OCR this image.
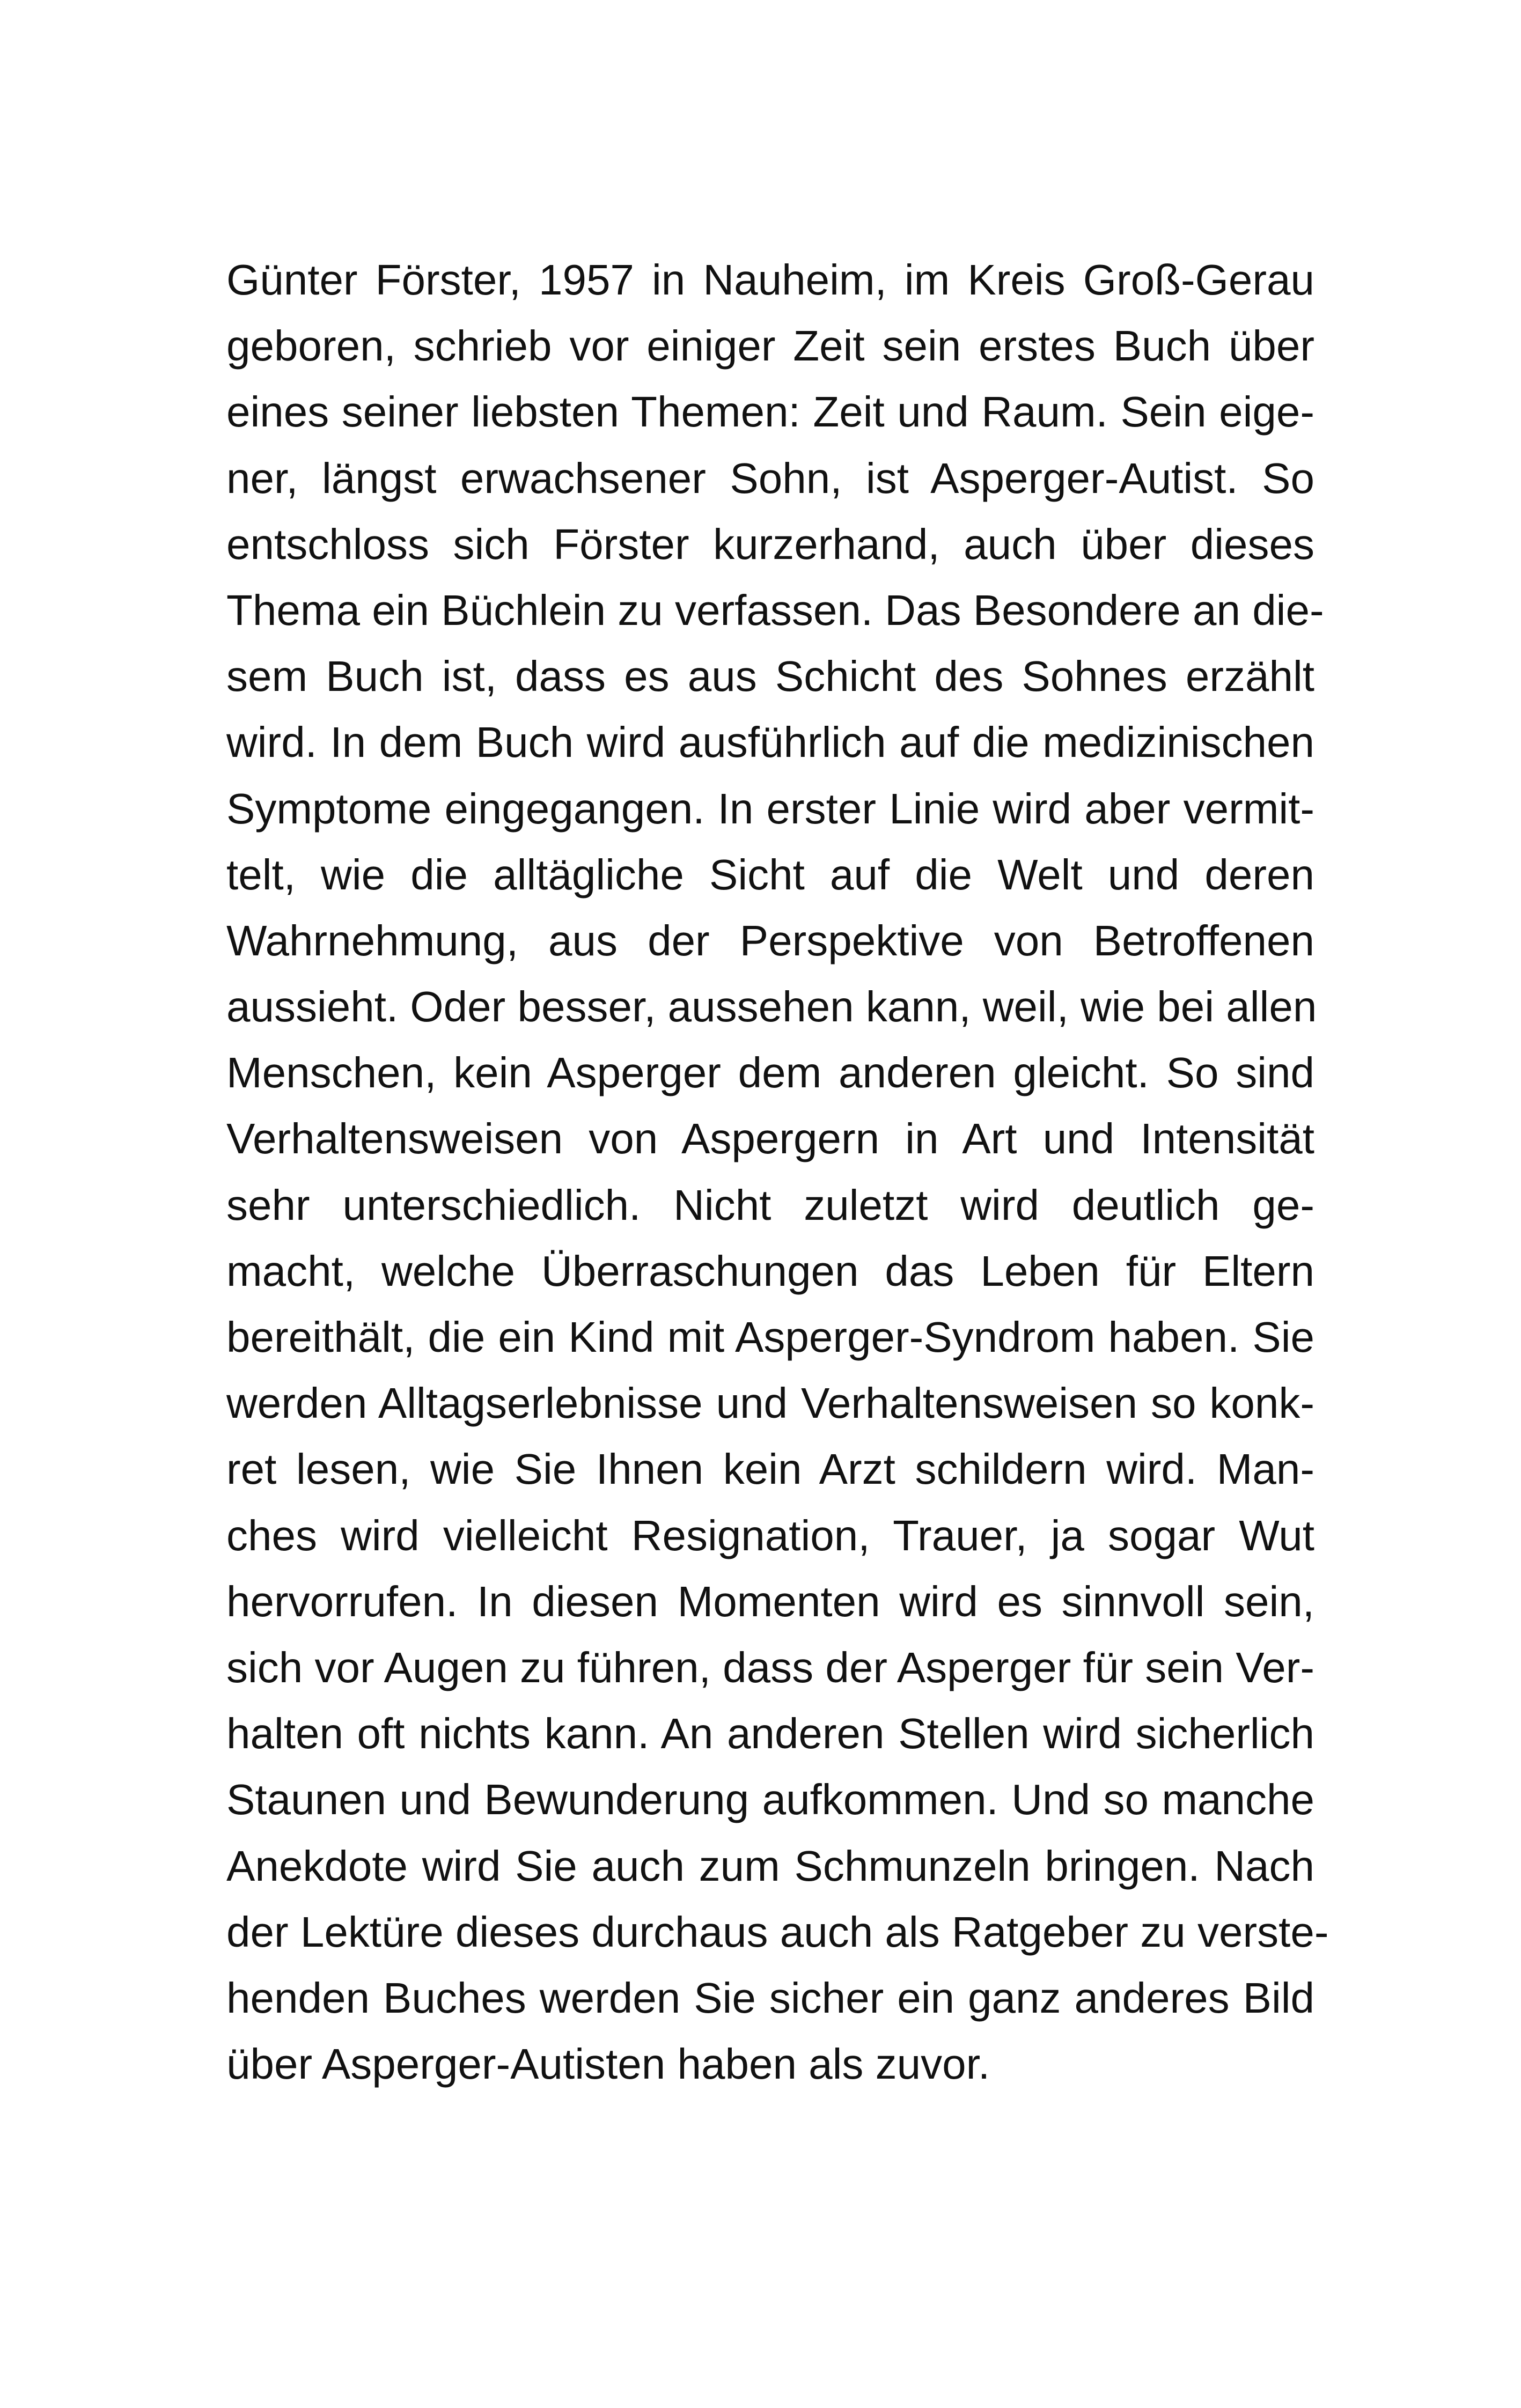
Günter Förster, 1957 in Nauheim, im Kreis Groß-Gerau
geboren, schrieb vor einiger Zeit sein erstes Buch über
eines seiner liebsten Themen: Zeit und Raum. Sein eige-
ner, längst erwachsener Sohn, ist Asperger-Autist. So
entschloss sich Förster kurzerhand, auch über dieses
Thema ein Büchlein zu verfassen. Das Besondere an die-
sem Buch ist, dass es aus Schicht des Sohnes erzählt
wird. In dem Buch wird ausführlich auf die medizinischen
Symptome eingegangen. In erster Linie wird aber vermit-
telt, wie die alltägliche Sicht auf die Welt und deren
Wahrnehmung, aus der Perspektive von Betroffenen
aussieht. Oder besser, aussehen kann, weil, wie bei allen
Menschen, kein Asperger dem anderen gleicht. So sind
Verhaltensweisen von Aspergern in Art und Intensität
sehr unterschiedlich. Nicht zuletzt wird deutlich ge-
macht, welche Überraschungen das Leben für Eltern
bereithält, die ein Kind mit Asperger-Syndrom haben. Sie
werden Alltagserlebnisse und Verhaltensweisen so konk-
ret lesen, wie Sie Ihnen kein Arzt schildern wird. Man-
ches wird vielleicht Resignation, Trauer, ja sogar Wut
hervorrufen. In diesen Momenten wird es sinnvoll sein,
sich vor Augen zu führen, dass der Asperger für sein Ver-
halten oft nichts kann. An anderen Stellen wird sicherlich
Staunen und Bewunderung aufkommen. Und so manche
Anekdote wird Sie auch zum Schmunzeln bringen. Nach
der Lektüre dieses durchaus auch als Ratgeber zu verste-
henden Buches werden Sie sicher ein ganz anderes Bild
über Asperger-Autisten haben als zuvor.
